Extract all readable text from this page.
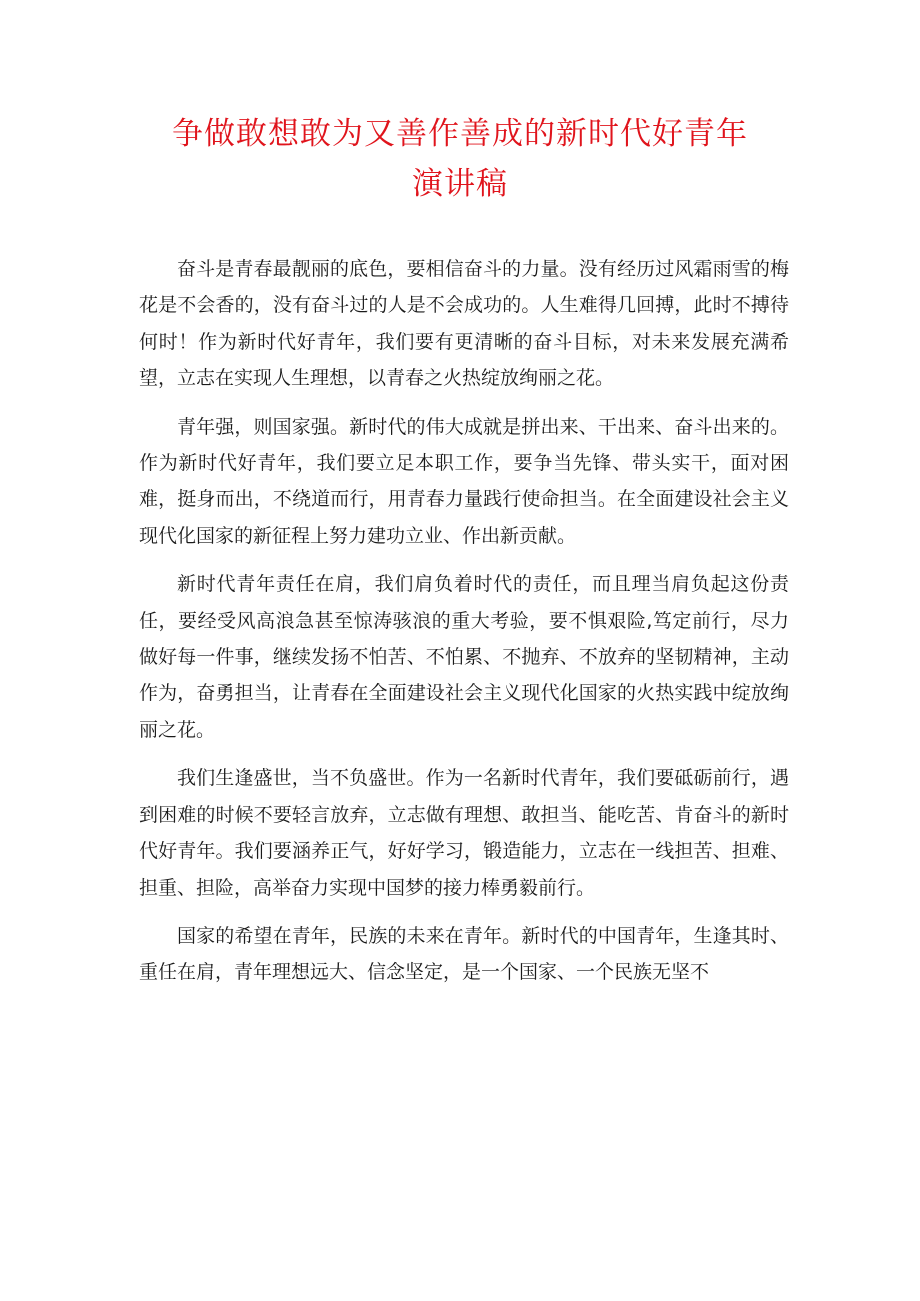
争做敢想敢为又善作善成的新时代好青年
演讲稿

奋斗是青春最靓丽的底色，要相信奋斗的力量。没有经历过风霜雨雪的梅花是不会香的，没有奋斗过的人是不会成功的。人生难得几回搏，此时不搏待何时！作为新时代好青年，我们要有更清晰的奋斗目标，对未来发展充满希望，立志在实现人生理想，以青春之火热绽放绚丽之花。

青年强，则国家强。新时代的伟大成就是拼出来、干出来、奋斗出来的。作为新时代好青年，我们要立足本职工作，要争当先锋、带头实干，面对困难，挺身而出，不绕道而行，用青春力量践行使命担当。在全面建设社会主义现代化国家的新征程上努力建功立业、作出新贡献。

新时代青年责任在肩，我们肩负着时代的责任，而且理当肩负起这份责任，要经受风高浪急甚至惊涛骇浪的重大考验，要不惧艰险,笃定前行，尽力做好每一件事，继续发扬不怕苦、不怕累、不抛弃、不放弃的坚韧精神，主动作为，奋勇担当，让青春在全面建设社会主义现代化国家的火热实践中绽放绚丽之花。

我们生逢盛世，当不负盛世。作为一名新时代青年，我们要砥砺前行，遇到困难的时候不要轻言放弃，立志做有理想、敢担当、能吃苦、肯奋斗的新时代好青年。我们要涵养正气，好好学习，锻造能力，立志在一线担苦、担难、担重、担险，高举奋力实现中国梦的接力棒勇毅前行。

国家的希望在青年，民族的未来在青年。新时代的中国青年，生逢其时、重任在肩，青年理想远大、信念坚定，是一个国家、一个民族无坚不
